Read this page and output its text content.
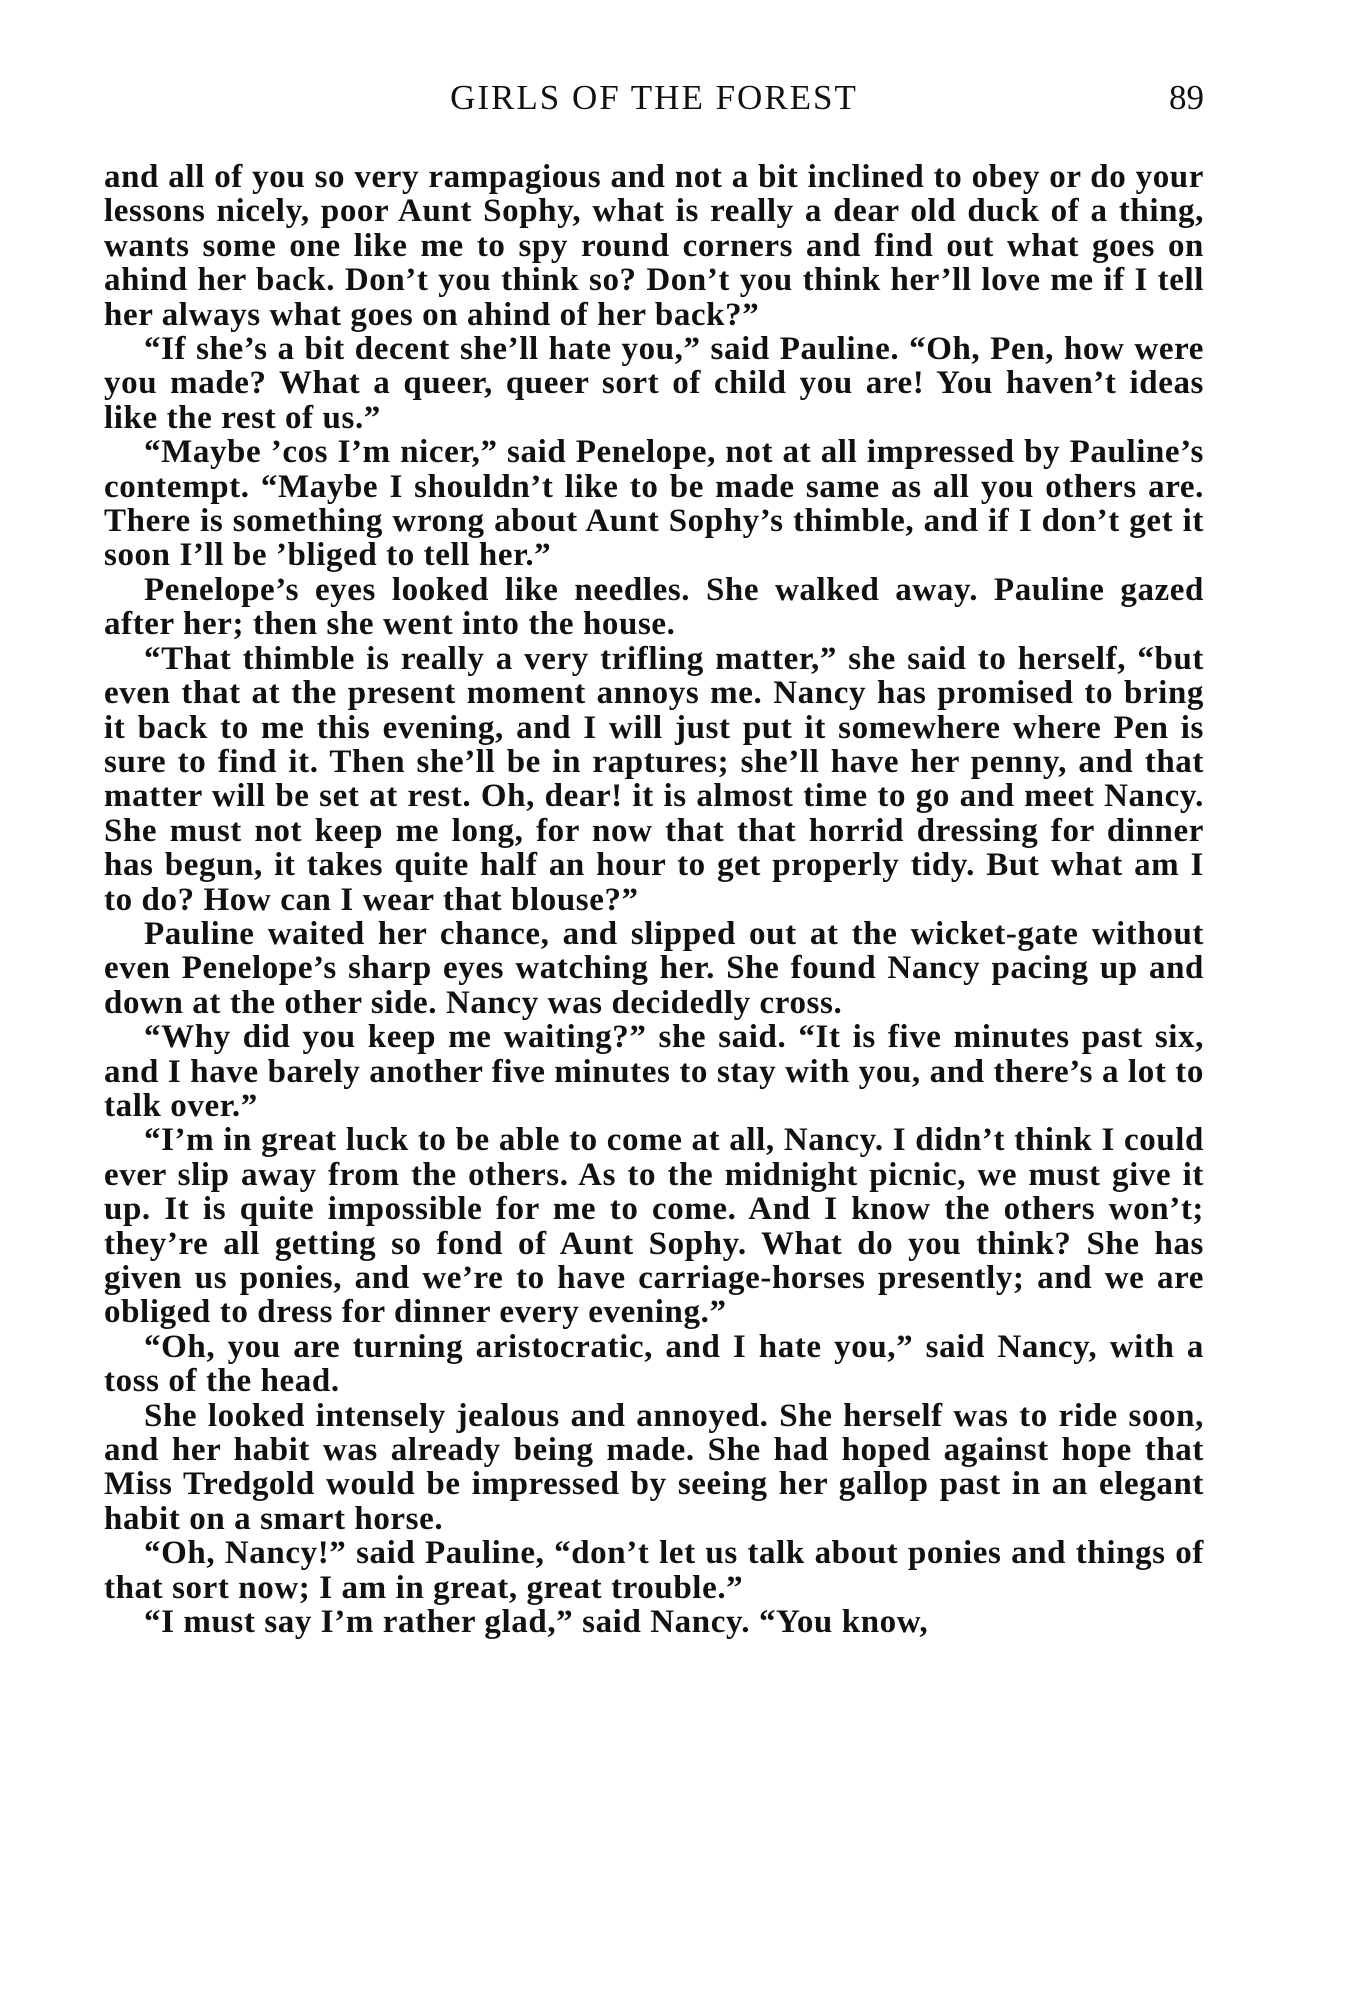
GIRLS OF THE FOREST	89

and all of you so very rampagious and not a bit inclined to obey or do your lessons nicely, poor Aunt Sophy, what is really a dear old duck of a thing, wants some one like me to spy round corners and find out what goes on ahind her back. Don’t you think so? Don’t you think her’ll love me if I tell her always what goes on ahind of her back?”

“If she’s a bit decent she’ll hate you,” said Pauline. “Oh, Pen, how were you made? What a queer, queer sort of child you are! You haven’t ideas like the rest of us.”

“Maybe ’cos I’m nicer,” said Penelope, not at all impressed by Pauline’s contempt. “Maybe I shouldn’t like to be made same as all you others are. There is something wrong about Aunt Sophy’s thimble, and if I don’t get it soon I’ll be ’bliged to tell her.”

Penelope’s eyes looked like needles. She walked away. Pauline gazed after her; then she went into the house.

“That thimble is really a very trifling matter,” she said to herself, “but even that at the present moment annoys me. Nancy has promised to bring it back to me this evening, and I will just put it somewhere where Pen is sure to find it. Then she’ll be in raptures; she’ll have her penny, and that matter will be set at rest. Oh, dear! it is almost time to go and meet Nancy. She must not keep me long, for now that that horrid dressing for dinner has begun, it takes quite half an hour to get properly tidy. But what am I to do? How can I wear that blouse?”

Pauline waited her chance, and slipped out at the wicket-gate without even Penelope’s sharp eyes watching her. She found Nancy pacing up and down at the other side. Nancy was decidedly cross.

“Why did you keep me waiting?” she said. “It is five minutes past six, and I have barely another five minutes to stay with you, and there’s a lot to talk over.”

“I’m in great luck to be able to come at all, Nancy. I didn’t think I could ever slip away from the others. As to the midnight picnic, we must give it up. It is quite impossible for me to come. And I know the others won’t; they’re all getting so fond of Aunt Sophy. What do you think? She has given us ponies, and we’re to have carriage-horses presently; and we are obliged to dress for dinner every evening.”

“Oh, you are turning aristocratic, and I hate you,” said Nancy, with a toss of the head.

She looked intensely jealous and annoyed. She herself was to ride soon, and her habit was already being made. She had hoped against hope that Miss Tredgold would be impressed by seeing her gallop past in an elegant habit on a smart horse.

“Oh, Nancy!” said Pauline, “don’t let us talk about ponies and things of that sort now; I am in great, great trouble.”

“I must say I’m rather glad,” said Nancy. “You know,
